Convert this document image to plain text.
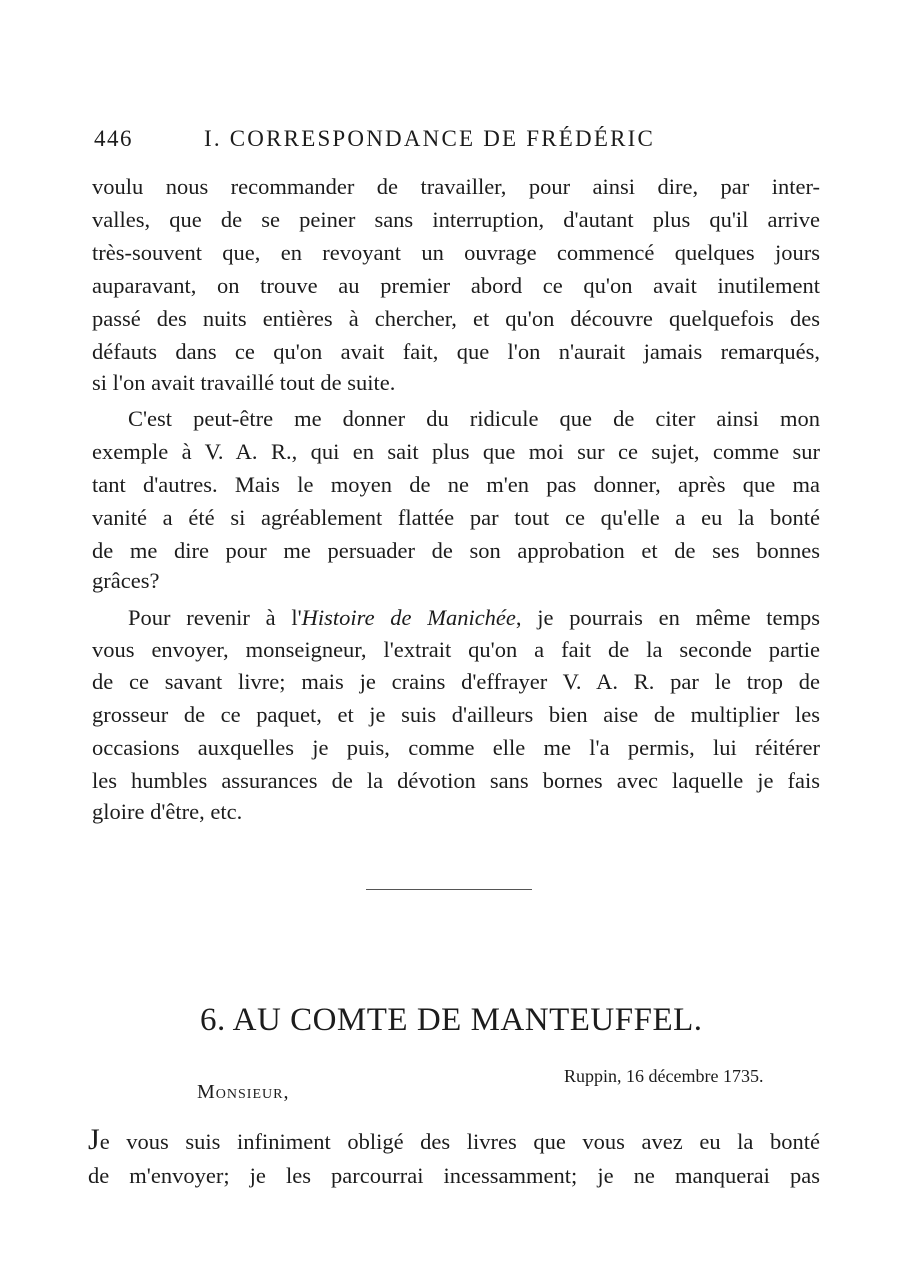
446	I. CORRESPONDANCE DE FRÉDÉRIC
voulu nous recommander de travailler, pour ainsi dire, par inter-
valles, que de se peiner sans interruption, d'autant plus qu'il arrive
très-souvent que, en revoyant un ouvrage commencé quelques jours
auparavant, on trouve au premier abord ce qu'on avait inutilement
passé des nuits entières à chercher, et qu'on découvre quelquefois des
défauts dans ce qu'on avait fait, que l'on n'aurait jamais remarqués,
si l'on avait travaillé tout de suite.
C'est peut-être me donner du ridicule que de citer ainsi mon
exemple à V. A. R., qui en sait plus que moi sur ce sujet, comme sur
tant d'autres. Mais le moyen de ne m'en pas donner, après que ma
vanité a été si agréablement flattée par tout ce qu'elle a eu la bonté
de me dire pour me persuader de son approbation et de ses bonnes
grâces?
Pour revenir à l'Histoire de Manichée, je pourrais en même temps
vous envoyer, monseigneur, l'extrait qu'on a fait de la seconde partie
de ce savant livre; mais je crains d'effrayer V. A. R. par le trop de
grosseur de ce paquet, et je suis d'ailleurs bien aise de multiplier les
occasions auxquelles je puis, comme elle me l'a permis, lui réitérer
les humbles assurances de la dévotion sans bornes avec laquelle je fais
gloire d'être, etc.
6. AU COMTE DE MANTEUFFEL.
Ruppin, 16 décembre 1735.
Monsieur,
Je vous suis infiniment obligé des livres que vous avez eu la bonté
de m'envoyer; je les parcourrai incessamment; je ne manquerai pas
